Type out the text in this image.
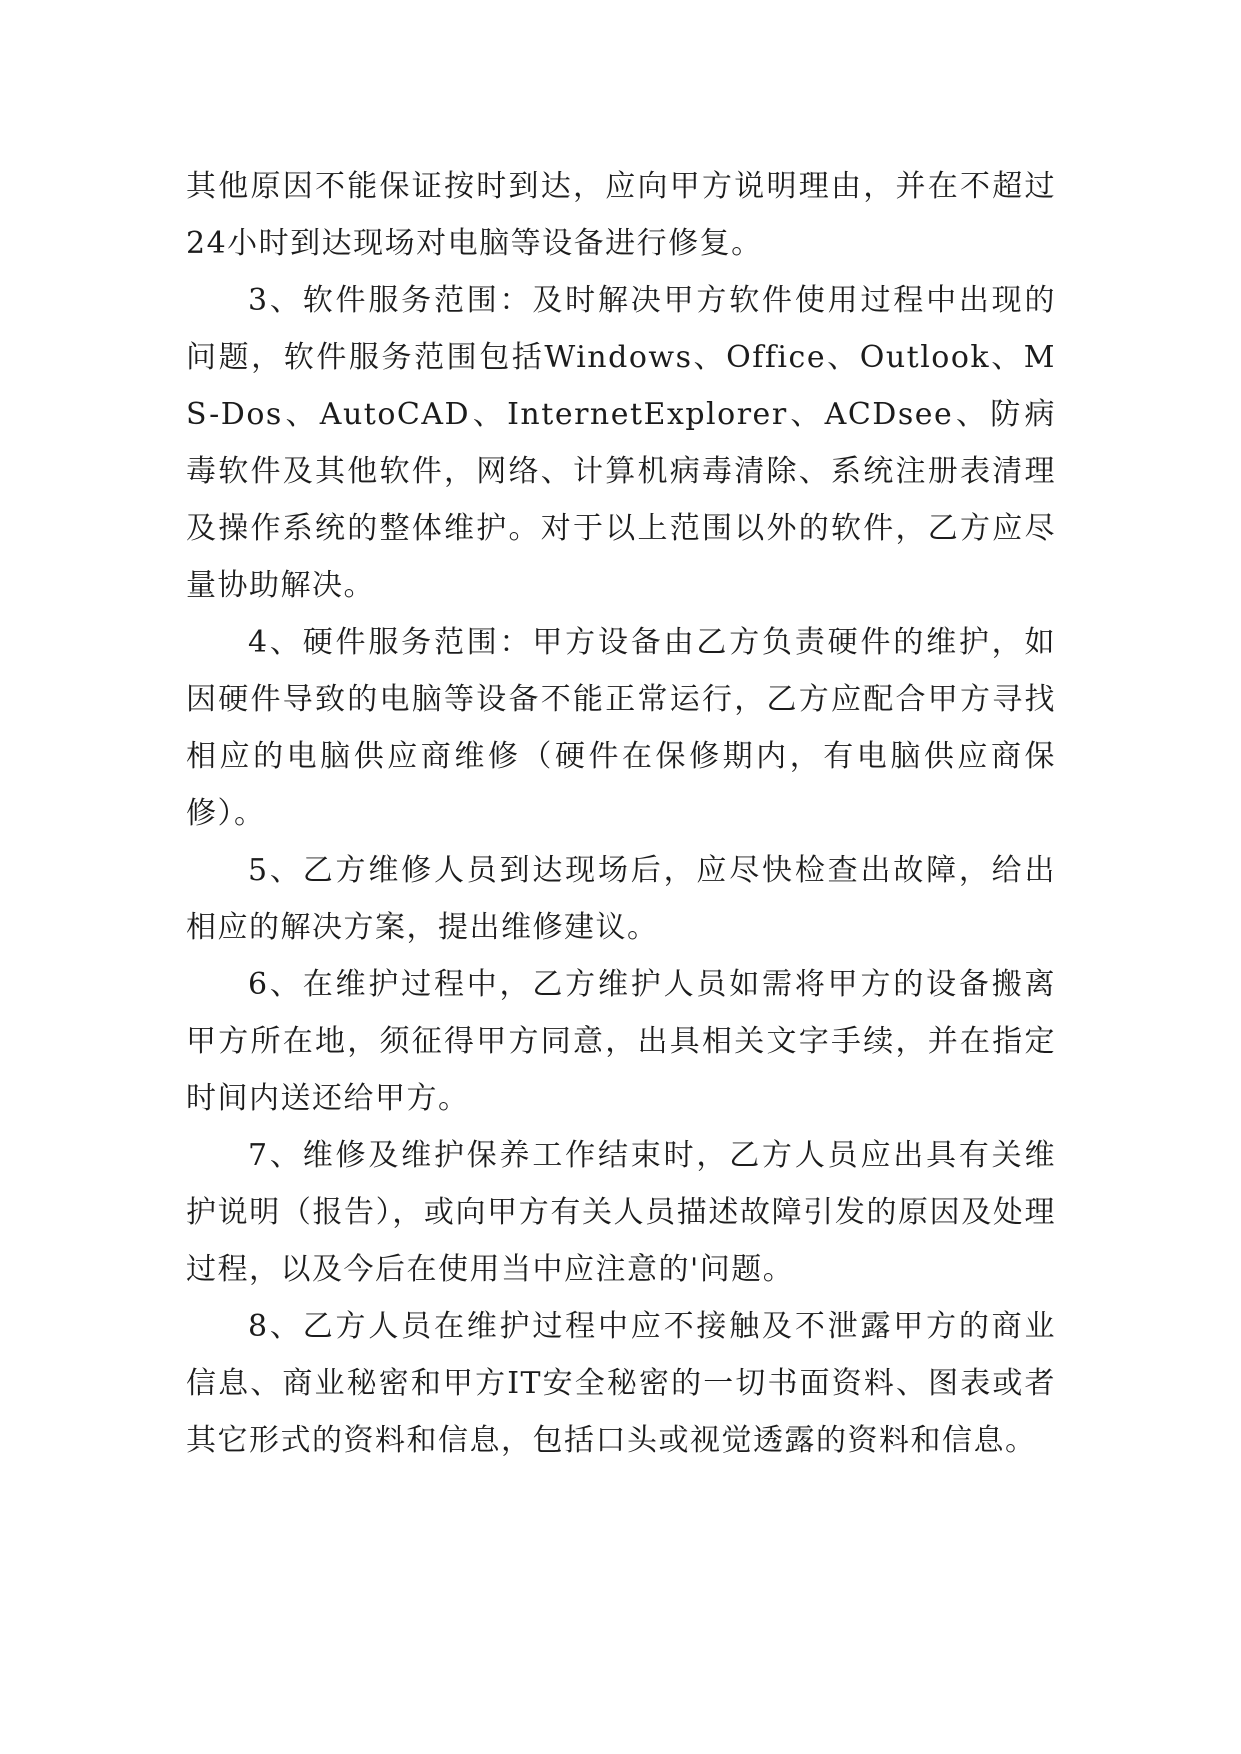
其他原因不能保证按时到达，应向甲方说明理由，并在不超过24小时到达现场对电脑等设备进行修复。

3、软件服务范围：及时解决甲方软件使用过程中出现的问题，软件服务范围包括Windows、Office、Outlook、MS-Dos、AutoCAD、InternetExplorer、ACDsee、防病毒软件及其他软件，网络、计算机病毒清除、系统注册表清理及操作系统的整体维护。对于以上范围以外的软件，乙方应尽量协助解决。

4、硬件服务范围：甲方设备由乙方负责硬件的维护，如因硬件导致的电脑等设备不能正常运行，乙方应配合甲方寻找相应的电脑供应商维修（硬件在保修期内，有电脑供应商保修）。

5、乙方维修人员到达现场后，应尽快检查出故障，给出相应的解决方案，提出维修建议。

6、在维护过程中，乙方维护人员如需将甲方的设备搬离甲方所在地，须征得甲方同意，出具相关文字手续，并在指定时间内送还给甲方。

7、维修及维护保养工作结束时，乙方人员应出具有关维护说明（报告），或向甲方有关人员描述故障引发的原因及处理过程，以及今后在使用当中应注意的'问题。

8、乙方人员在维护过程中应不接触及不泄露甲方的商业信息、商业秘密和甲方IT安全秘密的一切书面资料、图表或者其它形式的资料和信息，包括口头或视觉透露的资料和信息。
